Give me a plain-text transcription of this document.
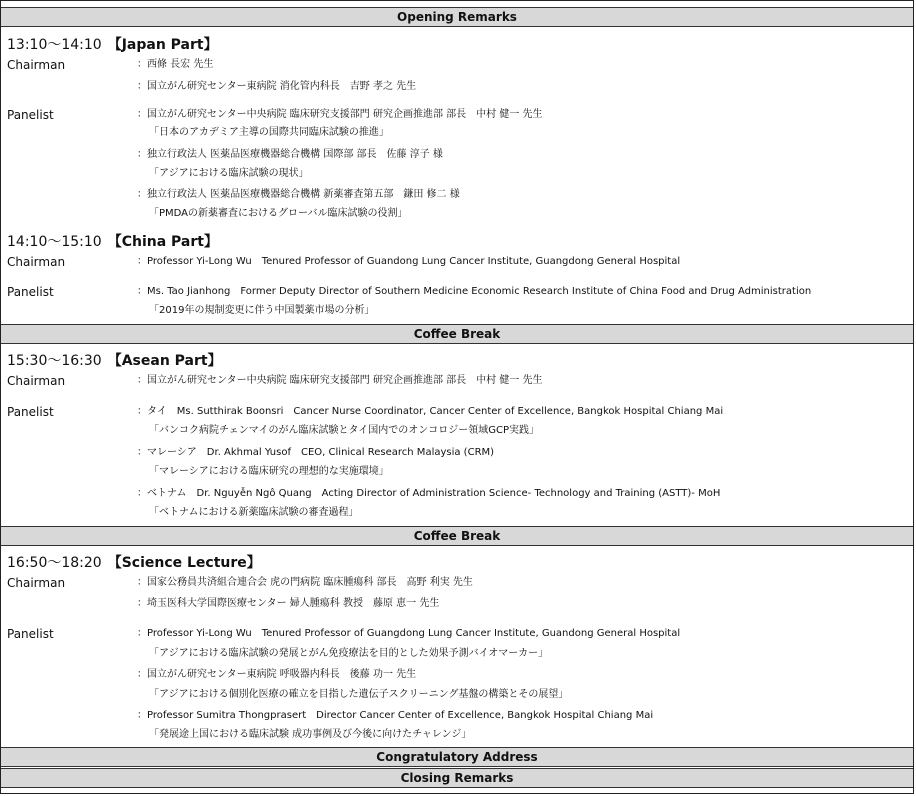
Opening Remarks
13:10～14:10 【Japan Part】
Chairman	：西條 長宏 先生
：国立がん研究センター東病院 消化管内科長　吉野 孝之 先生
Panelist	：国立がん研究センター中央病院 臨床研究支援部門 研究企画推進部 部長　中村 健一 先生
「日本のアカデミア主導の国際共同臨床試験の推進」
：独立行政法人 医薬品医療機器総合機構 国際部 部長　佐藤 淳子 様
「アジアにおける臨床試験の現状」
：独立行政法人 医薬品医療機器総合機構 新薬審査第五部　鎌田 修二 様
「PMDAの新薬審査におけるグローバル臨床試験の役割」
14:10～15:10 【China Part】
Chairman	：Professor Yi-Long Wu　Tenured Professor of Guandong Lung Cancer Institute, Guangdong General Hospital
Panelist	：Ms. Tao Jianhong　Former Deputy Director of Southern Medicine Economic Research Institute of China Food and Drug Administration
「2019年の規制変更に伴う中国製薬市場の分析」
Coffee Break
15:30～16:30 【Asean Part】
Chairman	：国立がん研究センター中央病院 臨床研究支援部門 研究企画推進部 部長　中村 健一 先生
Panelist	：タイ　Ms. Sutthirak Boonsri　Cancer Nurse Coordinator, Cancer Center of Excellence, Bangkok Hospital Chiang Mai
「バンコク病院チェンマイのがん臨床試験とタイ国内でのオンコロジー領域GCP実践」
：マレーシア　Dr. Akhmal Yusof　CEO, Clinical Research Malaysia (CRM)
「マレーシアにおける臨床研究の理想的な実施環境」
：ベトナム　Dr. Nguyễn Ngô Quang　Acting Director of Administration Science- Technology and Training (ASTT)- MoH
「ベトナムにおける新薬臨床試験の審査過程」
Coffee Break
16:50～18:20 【Science Lecture】
Chairman	：国家公務員共済組合連合会 虎の門病院 臨床腫瘍科 部長　高野 利実 先生
：埼玉医科大学国際医療センター 婦人腫瘍科 教授　藤原 恵一 先生
Panelist	：Professor Yi-Long Wu　Tenured Professor of Guangdong Lung Cancer Institute, Guandong General Hospital
「アジアにおける臨床試験の発展とがん免疫療法を目的とした効果予測バイオマーカー」
：国立がん研究センター東病院 呼吸器内科長　後藤 功一 先生
「アジアにおける個別化医療の確立を目指した遺伝子スクリーニング基盤の構築とその展望」
：Professor Sumitra Thongprasert　Director Cancer Center of Excellence, Bangkok Hospital Chiang Mai
「発展途上国における臨床試験 成功事例及び今後に向けたチャレンジ」
Congratulatory Address
Closing Remarks
